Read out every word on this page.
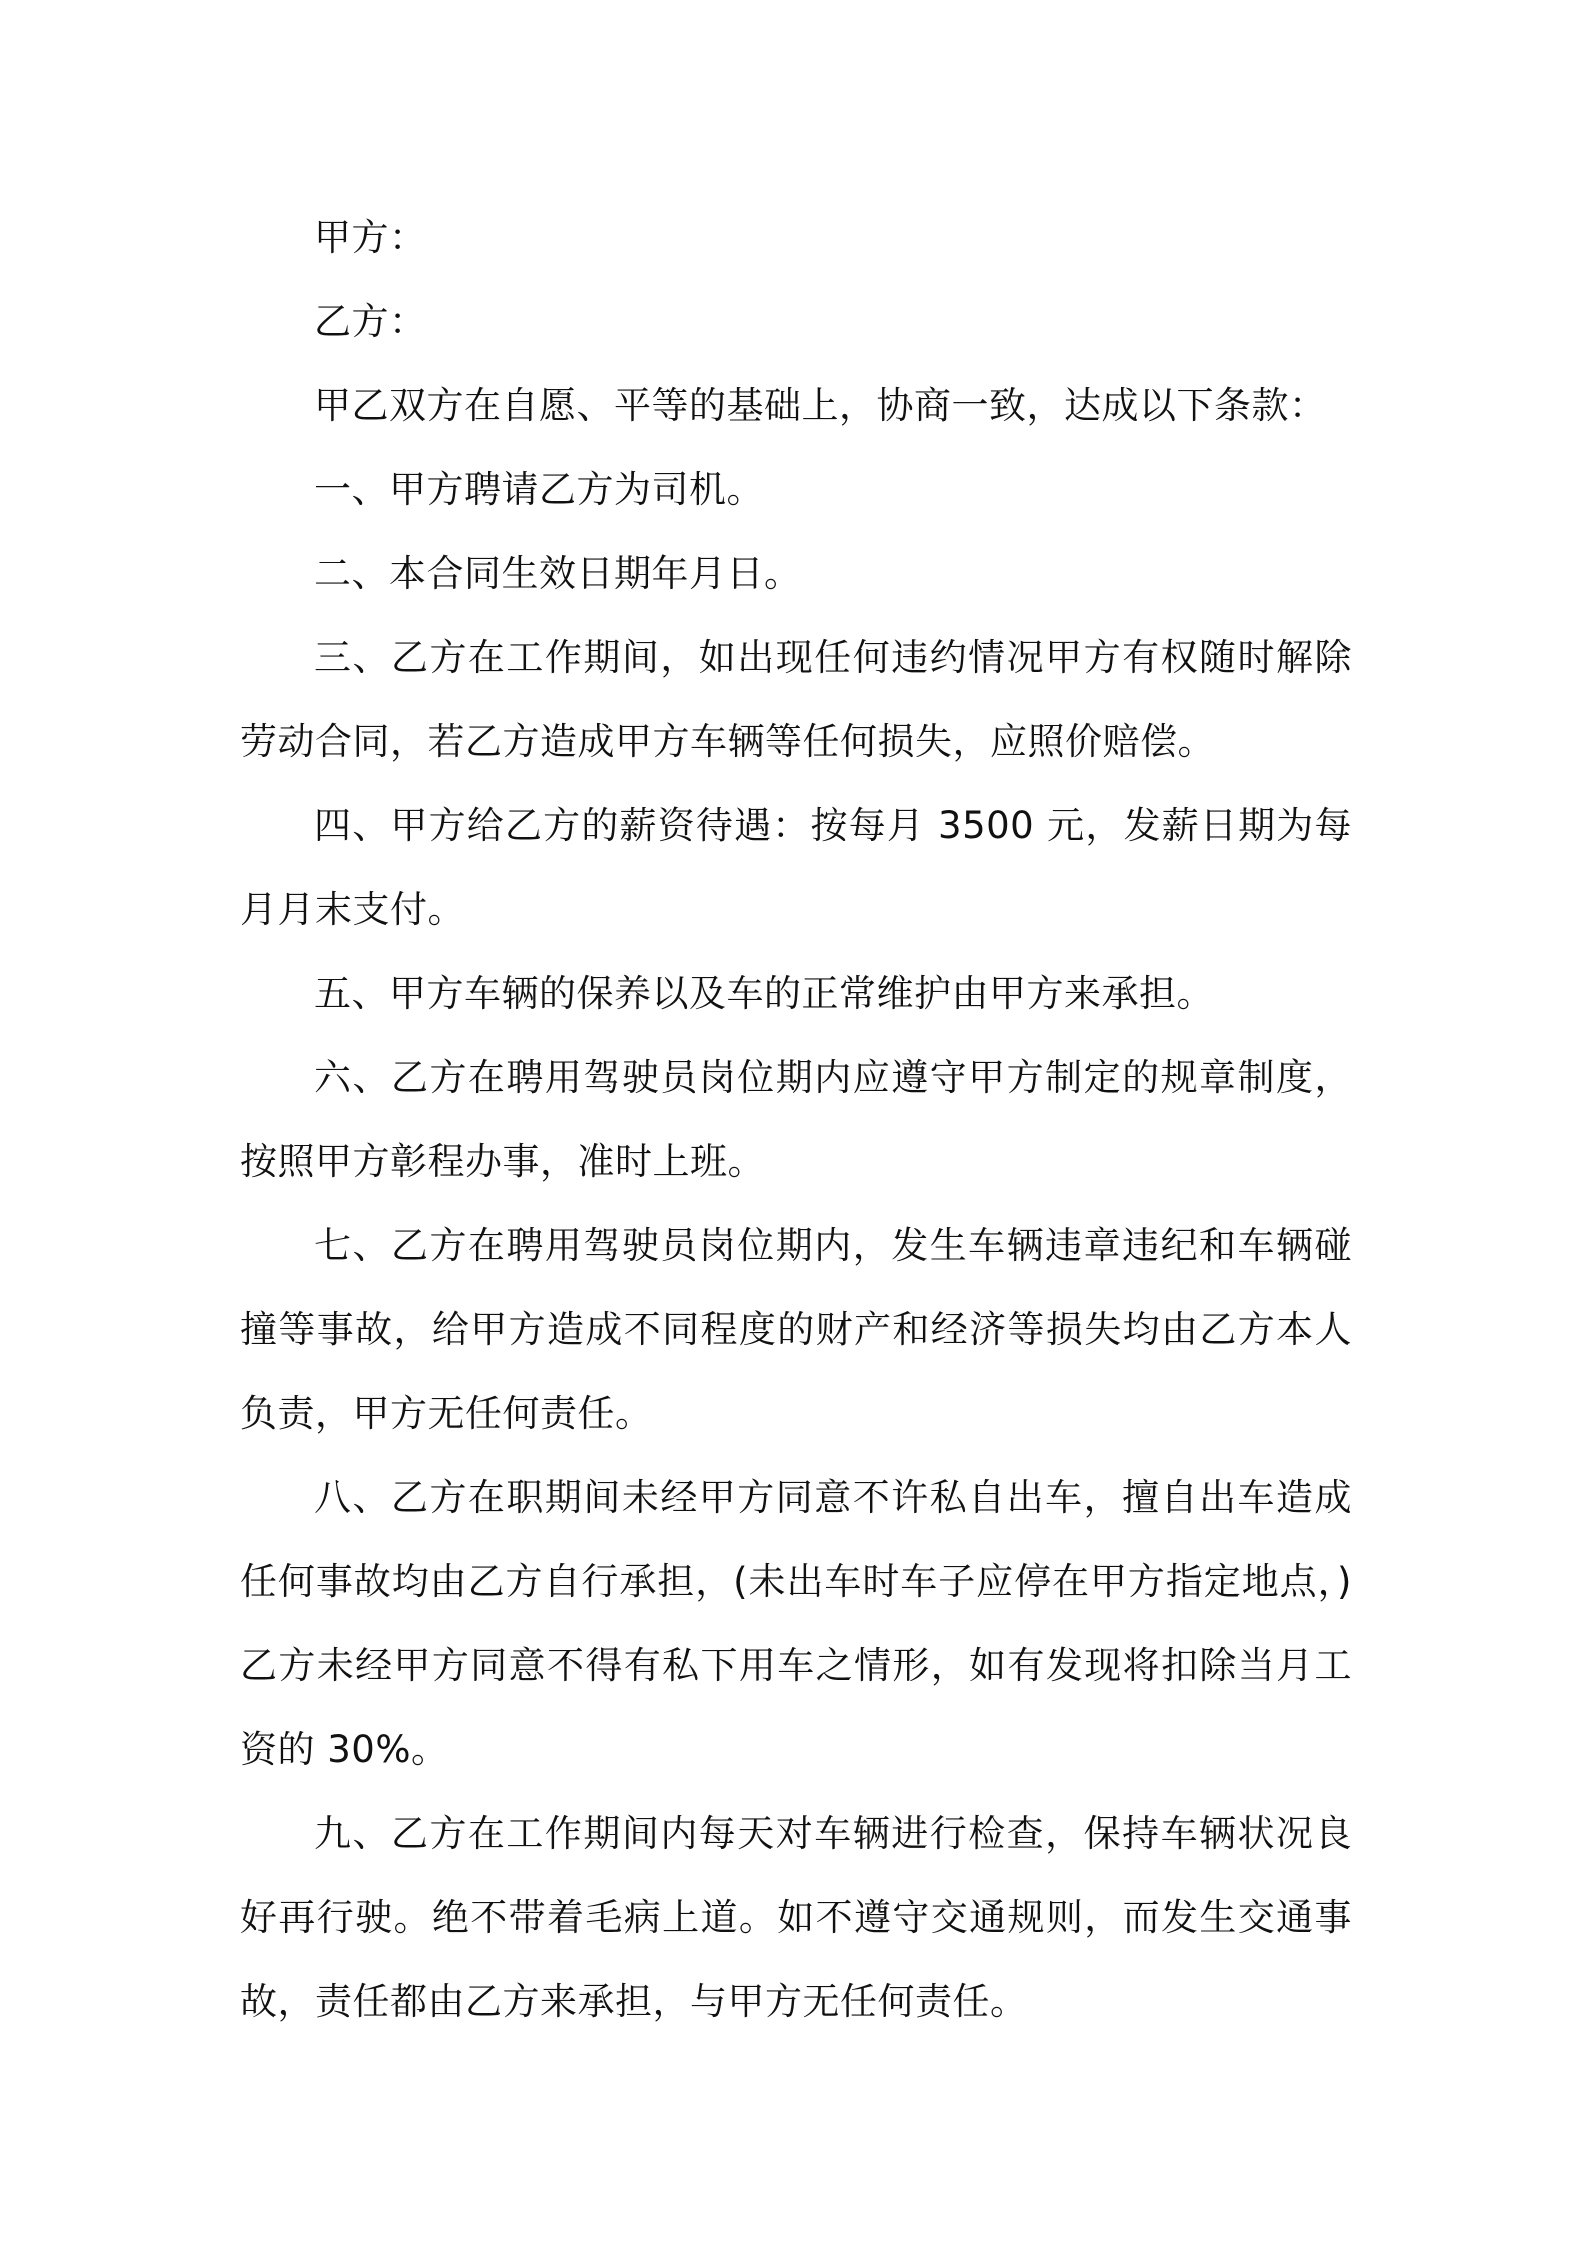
甲方：

乙方：

甲乙双方在自愿、平等的基础上，协商一致，达成以下条款：

一、甲方聘请乙方为司机。

二、本合同生效日期年月日。

三、乙方在工作期间，如出现任何违约情况甲方有权随时解除劳动合同，若乙方造成甲方车辆等任何损失，应照价赔偿。

四、甲方给乙方的薪资待遇：按每月 3500 元，发薪日期为每月月末支付。

五、甲方车辆的保养以及车的正常维护由甲方来承担。

六、乙方在聘用驾驶员岗位期内应遵守甲方制定的规章制度，按照甲方彰程办事，准时上班。

七、乙方在聘用驾驶员岗位期内，发生车辆违章违纪和车辆碰撞等事故，给甲方造成不同程度的财产和经济等损失均由乙方本人负责，甲方无任何责任。

八、乙方在职期间未经甲方同意不许私自出车，擅自出车造成任何事故均由乙方自行承担，(未出车时车子应停在甲方指定地点，)乙方未经甲方同意不得有私下用车之情形，如有发现将扣除当月工资的 30%。

九、乙方在工作期间内每天对车辆进行检查，保持车辆状况良好再行驶。绝不带着毛病上道。如不遵守交通规则，而发生交通事故，责任都由乙方来承担，与甲方无任何责任。
